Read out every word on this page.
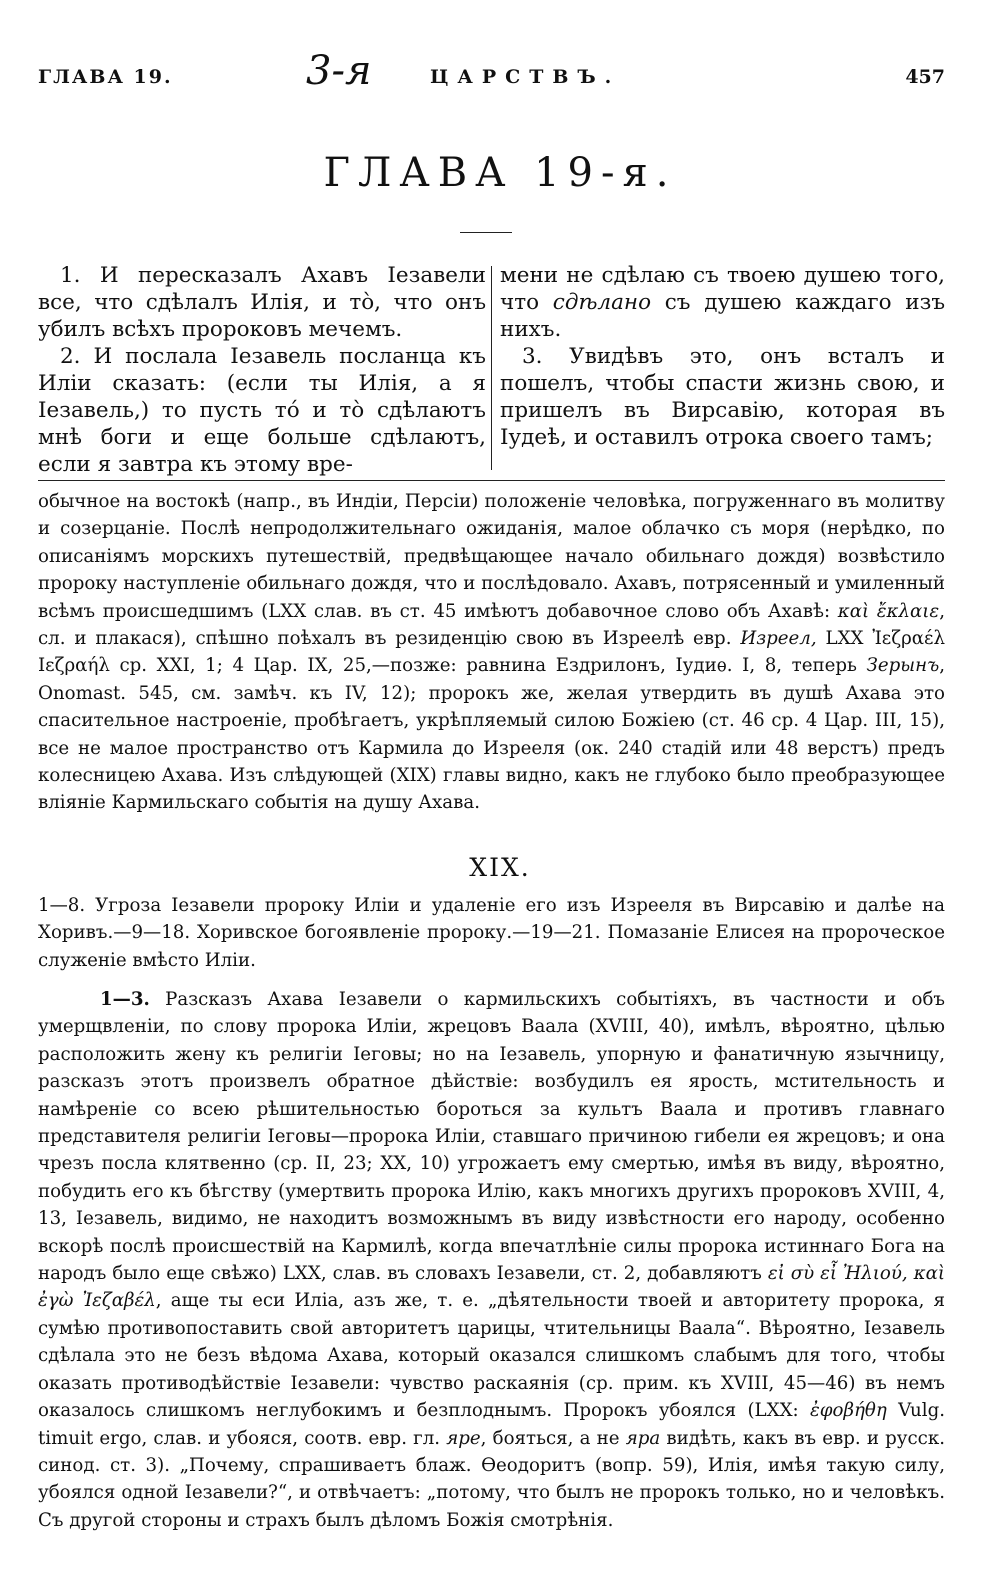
ГЛАВА 19.	3-я	ЦАРСТВЪ.	457
ГЛАВА 19-я.

1. И пересказалъ Ахавъ Іезавели все, что сдѣлалъ Илія, и тò, что онъ убилъ всѣхъ пророковъ мечемъ.

2. И послала Іезавель посланца къ Иліи сказать: (если ты Илія, а я Іезавель,) то пусть тó и тò сдѣлаютъ мнѣ боги и еще больше сдѣлаютъ, если я завтра къ этому вре-

мени не сдѣлаю съ твоею душею того, что сдѣлано съ душею каждаго изъ нихъ.

3. Увидѣвъ это, онъ всталъ и пошелъ, чтобы спасти жизнь свою, и пришелъ въ Вирсавію, которая въ Іудеѣ, и оставилъ отрока своего тамъ;

обычное на востокѣ (напр., въ Индіи, Персіи) положеніе человѣка, погруженнаго въ молитву и созерцаніе. Послѣ непродолжительнаго ожиданія, малое облачко съ моря (нерѣдко, по описаніямъ морскихъ путешествій, предвѣщающее начало обильнаго дождя) возвѣстило пророку наступленіе обильнаго дождя, что и послѣдовало. Ахавъ, потрясенный и умиленный всѣмъ происшедшимъ (LXX слав. въ ст. 45 имѣютъ добавочное слово объ Ахавѣ: καὶ ἔκλαιε, сл. и плакася), спѣшно поѣхалъ въ резиденцію свою въ Изреелѣ евр. Изреел, LXX Ἰεζραέλ Ιεζραήλ ср. XXI, 1; 4 Цар. IX, 25,—позже: равнина Ездрилонъ, Іудиѳ. I, 8, теперь Зерынъ, Onomast. 545, см. замѣч. къ IV, 12); пророкъ же, желая утвердить въ душѣ Ахава это спасительное настроеніе, пробѣгаетъ, укрѣпляемый силою Божіею (ст. 46 ср. 4 Цар. III, 15), все не малое пространство отъ Кармила до Изрееля (ок. 240 стадій или 48 верстъ) предъ колесницею Ахава. Изъ слѣдующей (XIX) главы видно, какъ не глубоко было преобразующее вліяніе Кармильскаго событія на душу Ахава.

XIX.

1—8. Угроза Іезавели пророку Иліи и удаленіе его изъ Изрееля въ Вирсавію и далѣе на Хоривъ.—9—18. Хоривское богоявленіе пророку.—19—21. Помазаніе Елисея на пророческое служеніе вмѣсто Иліи.

1—3. Разсказъ Ахава Іезавели о кармильскихъ событіяхъ, въ частности и объ умерщвленіи, по слову пророка Иліи, жрецовъ Ваала (XVIII, 40), имѣлъ, вѣроятно, цѣлью расположить жену къ религіи Іеговы; но на Іезавель, упорную и фанатичную язычницу, разсказъ этотъ произвелъ обратное дѣйствіе: возбудилъ ея ярость, мстительность и намѣреніе со всею рѣшительностью бороться за культъ Ваала и противъ главнаго представителя религіи Іеговы—пророка Иліи, ставшаго причиною гибели ея жрецовъ; и она чрезъ посла клятвенно (ср. II, 23; XX, 10) угрожаетъ ему смертью, имѣя въ виду, вѣроятно, побудить его къ бѣгству (умертвить пророка Илію, какъ многихъ другихъ пророковъ XVIII, 4, 13, Іезавель, видимо, не находитъ возможнымъ въ виду извѣстности его народу, особенно вскорѣ послѣ происшествій на Кармилѣ, когда впечатлѣніе силы пророка истиннаго Бога на народъ было еще свѣжо) LXX, слав. въ словахъ Іезавели, ст. 2, добавляютъ εἰ σὺ εἶ Ἠλιού, καὶ ἐγὼ Ἰεζαβέλ, аще ты еси Иліа, азъ же, т. е. „дѣятельности твоей и авторитету пророка, я сумѣю противопоставить свой авторитетъ царицы, чтительницы Ваала“. Вѣроятно, Іезавель сдѣлала это не безъ вѣдома Ахава, который оказался слишкомъ слабымъ для того, чтобы оказать противодѣйствіе Іезавели: чувство раскаянія (ср. прим. къ XVIII, 45—46) въ немъ оказалось слишкомъ неглубокимъ и безплоднымъ. Пророкъ убоялся (LXX: ἐφοβήθη Vulg. timuit ergo, слав. и убояся, соотв. евр. гл. яре, бояться, а не яра видѣть, какъ въ евр. и русск. синод. ст. 3). „Почему, спрашиваетъ блаж. Ѳеодоритъ (вопр. 59), Илія, имѣя такую силу, убоялся одной Іезавели?“, и отвѣчаетъ: „потому, что былъ не пророкъ только, но и человѣкъ. Съ другой стороны и страхъ былъ дѣломъ Божія смотрѣнія.
